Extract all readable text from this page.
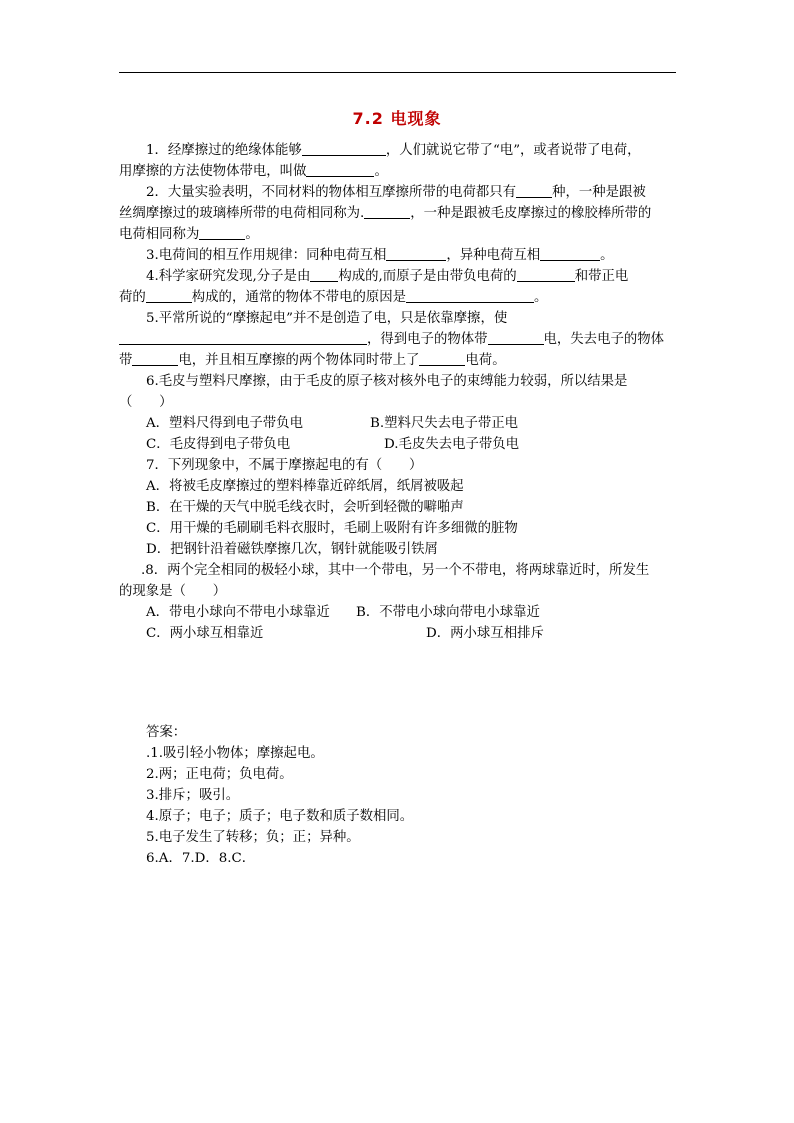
7.2 电现象
1．经摩擦过的绝缘体能够	，人们就说它带了“电”，或者说带了电荷，
用摩擦的方法使物体带电，叫做	。
2．大量实验表明，不同材料的物体相互摩擦所带的电荷都只有	种，一种是跟被
丝绸摩擦过的玻璃棒所带的电荷相同称为.	，一种是跟被毛皮摩擦过的橡胶棒所带的
电荷相同称为	。
3.电荷间的相互作用规律：同种电荷互相	，异种电荷互相	。
4.科学家研究发现,分子是由 构成的,而原子是由带负电荷的	和带正电
荷的	构成的，通常的物体不带电的原因是	。
5.平常所说的“摩擦起电”并不是创造了电，只是依靠摩擦，使
，得到电子的物体带	电，失去电子的物体
带	电，并且相互摩擦的两个物体同时带上了	电荷。
6.毛皮与塑料尺摩擦，由于毛皮的原子核对核外电子的束缚能力较弱，所以结果是
（　　）
A．塑料尺得到电子带负电	B.塑料尺失去电子带正电
C．毛皮得到电子带负电	D.毛皮失去电子带负电
7．下列现象中，不属于摩擦起电的有（　　）
A．将被毛皮摩擦过的塑料棒靠近碎纸屑，纸屑被吸起
B．在干燥的天气中脱毛线衣时，会听到轻微的噼啪声
C．用干燥的毛刷刷毛料衣服时，毛刷上吸附有许多细微的脏物
D．把钢针沿着磁铁摩擦几次，钢针就能吸引铁屑
.8．两个完全相同的极轻小球，其中一个带电，另一个不带电，将两球靠近时，所发生
的现象是（　　）
A．带电小球向不带电小球靠近 B．不带电小球向带电小球靠近
C．两小球互相靠近	D．两小球互相排斥
答案：
.1.吸引轻小物体；摩擦起电。
2.两；正电荷；负电荷。
3.排斥；吸引。
4.原子；电子；质子；电子数和质子数相同。
5.电子发生了转移；负；正；异种。
6.A．7.D．8.C．
